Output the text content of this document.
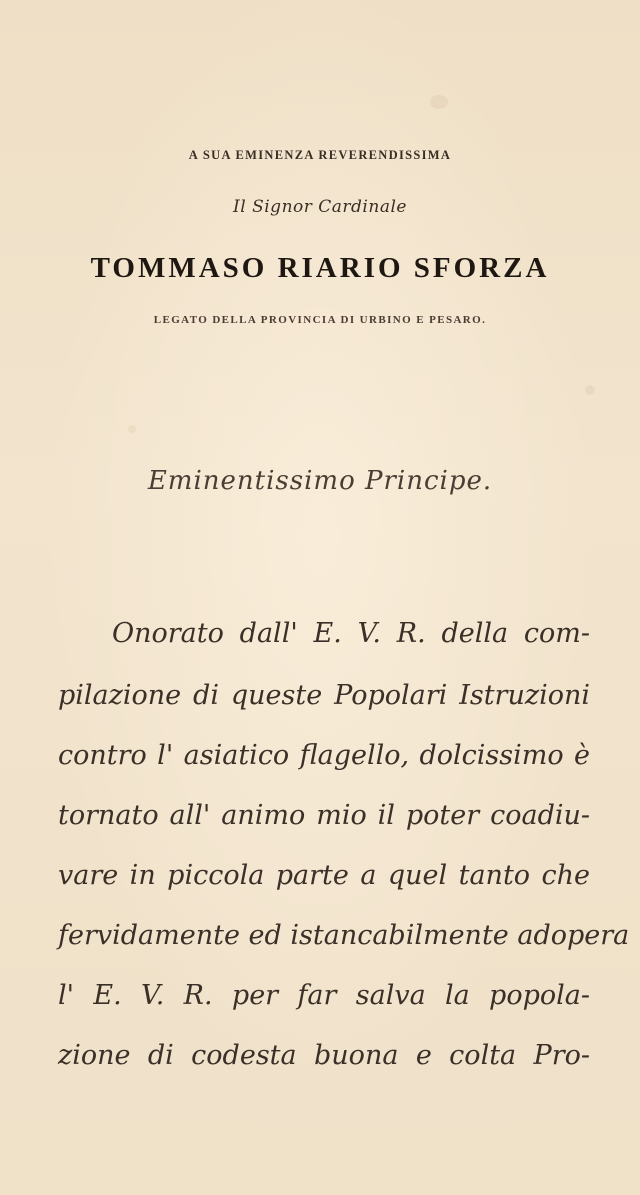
A SUA EMINENZA REVERENDISSIMA
Il Signor Cardinale
TOMMASO RIARIO SFORZA
LEGATO DELLA PROVINCIA DI URBINO E PESARO.
Eminentissimo Principe.
Onorato dall' E. V. R. della com-
pilazione di queste Popolari Istruzioni
contro l' asiatico flagello, dolcissimo è
tornato all' animo mio il poter coadiu-
vare in piccola parte a quel tanto che
fervidamente ed istancabilmente adopera
l' E. V. R. per far salva la popola-
zione di codesta buona e colta Pro-
